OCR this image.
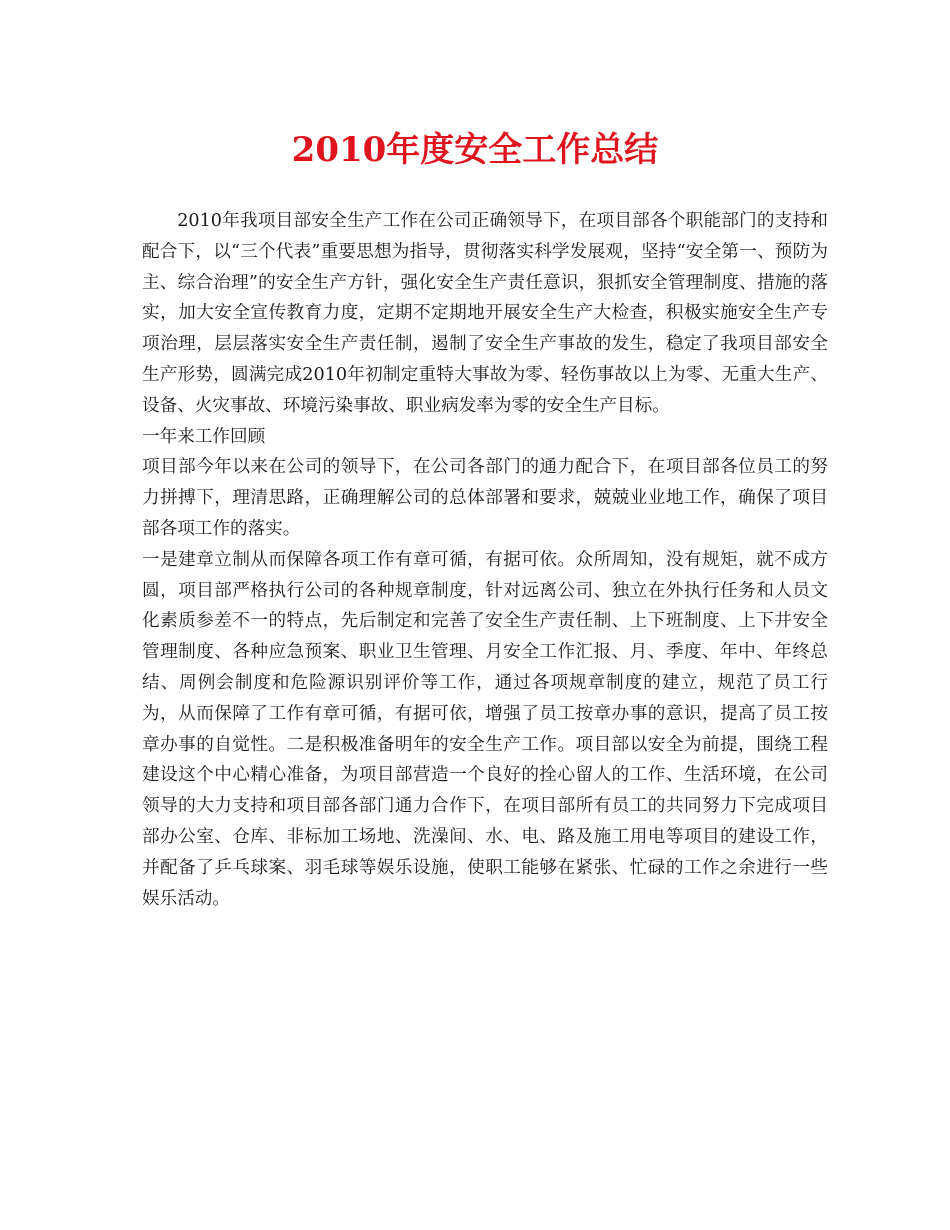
2010年度安全工作总结

2010年我项目部安全生产工作在公司正确领导下，在项目部各个职能部门的支持和配合下，以“三个代表”重要思想为指导，贯彻落实科学发展观，坚持“安全第一、预防为主、综合治理”的安全生产方针，强化安全生产责任意识，狠抓安全管理制度、措施的落实，加大安全宣传教育力度，定期不定期地开展安全生产大检查，积极实施安全生产专项治理，层层落实安全生产责任制，遏制了安全生产事故的发生，稳定了我项目部安全生产形势，圆满完成2010年初制定重特大事故为零、轻伤事故以上为零、无重大生产、设备、火灾事故、环境污染事故、职业病发率为零的安全生产目标。

一年来工作回顾

项目部今年以来在公司的领导下，在公司各部门的通力配合下，在项目部各位员工的努力拼搏下，理清思路，正确理解公司的总体部署和要求，兢兢业业地工作，确保了项目部各项工作的落实。

一是建章立制从而保障各项工作有章可循，有据可依。众所周知，没有规矩，就不成方圆，项目部严格执行公司的各种规章制度，针对远离公司、独立在外执行任务和人员文化素质参差不一的特点，先后制定和完善了安全生产责任制、上下班制度、上下井安全管理制度、各种应急预案、职业卫生管理、月安全工作汇报、月、季度、年中、年终总结、周例会制度和危险源识别评价等工作，通过各项规章制度的建立，规范了员工行为，从而保障了工作有章可循，有据可依，增强了员工按章办事的意识，提高了员工按章办事的自觉性。二是积极准备明年的安全生产工作。项目部以安全为前提，围绕工程建设这个中心精心准备，为项目部营造一个良好的拴心留人的工作、生活环境，在公司领导的大力支持和项目部各部门通力合作下，在项目部所有员工的共同努力下完成项目部办公室、仓库、非标加工场地、洗澡间、水、电、路及施工用电等项目的建设工作，并配备了乒乓球案、羽毛球等娱乐设施，使职工能够在紧张、忙碌的工作之余进行一些娱乐活动。
